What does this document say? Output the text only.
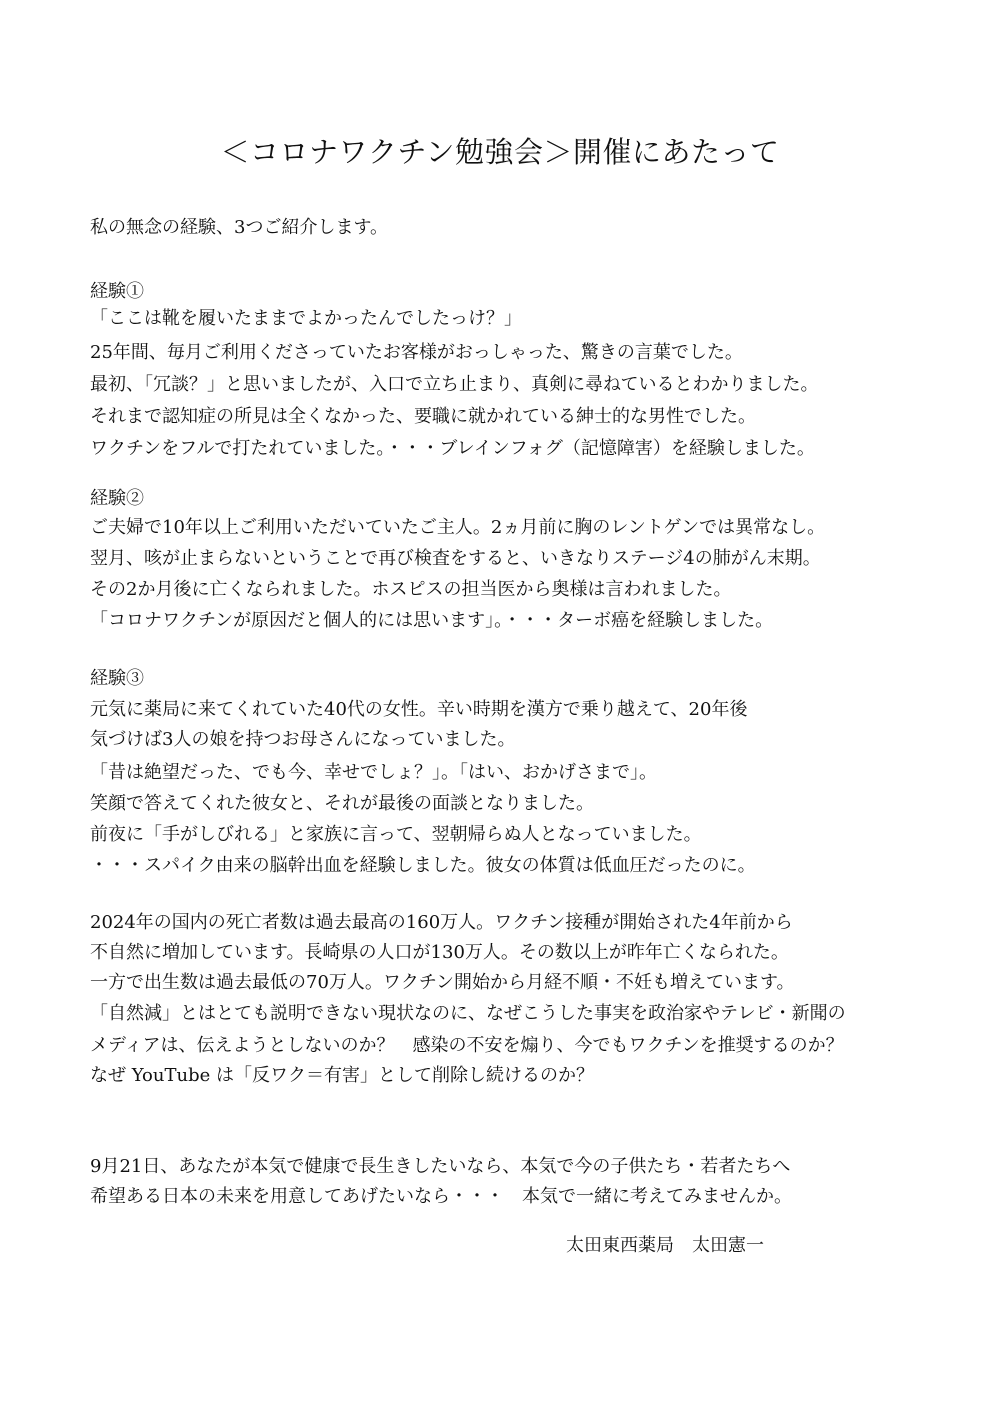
＜コロナワクチン勉強会＞開催にあたって
私の無念の経験、3つご紹介します。
経験①
「ここは靴を履いたままでよかったんでしたっけ？」
25年間、毎月ご利用くださっていたお客様がおっしゃった、驚きの言葉でした。
最初、「冗談？」と思いましたが、入口で立ち止まり、真剣に尋ねているとわかりました。
それまで認知症の所見は全くなかった、要職に就かれている紳士的な男性でした。
ワクチンをフルで打たれていました。・・・ブレインフォグ（記憶障害）を経験しました。
経験②
ご夫婦で10年以上ご利用いただいていたご主人。2ヵ月前に胸のレントゲンでは異常なし。
翌月、咳が止まらないということで再び検査をすると、いきなりステージ4の肺がん末期。
その2か月後に亡くなられました。ホスピスの担当医から奥様は言われました。
「コロナワクチンが原因だと個人的には思います」。・・・ターボ癌を経験しました。
経験③
元気に薬局に来てくれていた40代の女性。辛い時期を漢方で乗り越えて、20年後
気づけば3人の娘を持つお母さんになっていました。
「昔は絶望だった、でも今、幸せでしょ？」。「はい、おかげさまで」。
笑顔で答えてくれた彼女と、それが最後の面談となりました。
前夜に「手がしびれる」と家族に言って、翌朝帰らぬ人となっていました。
・・・スパイク由来の脳幹出血を経験しました。彼女の体質は低血圧だったのに。
2024年の国内の死亡者数は過去最高の160万人。ワクチン接種が開始された4年前から
不自然に増加しています。長崎県の人口が130万人。その数以上が昨年亡くなられた。
一方で出生数は過去最低の70万人。ワクチン開始から月経不順・不妊も増えています。
「自然減」とはとても説明できない現状なのに、なぜこうした事実を政治家やテレビ・新聞の
メディアは、伝えようとしないのか？　感染の不安を煽り、今でもワクチンを推奨するのか？
なぜ YouTube は「反ワク＝有害」として削除し続けるのか？
9月21日、あなたが本気で健康で長生きしたいなら、本気で今の子供たち・若者たちへ
希望ある日本の未来を用意してあげたいなら・・・　本気で一緒に考えてみませんか。
太田東西薬局 太田憲一
